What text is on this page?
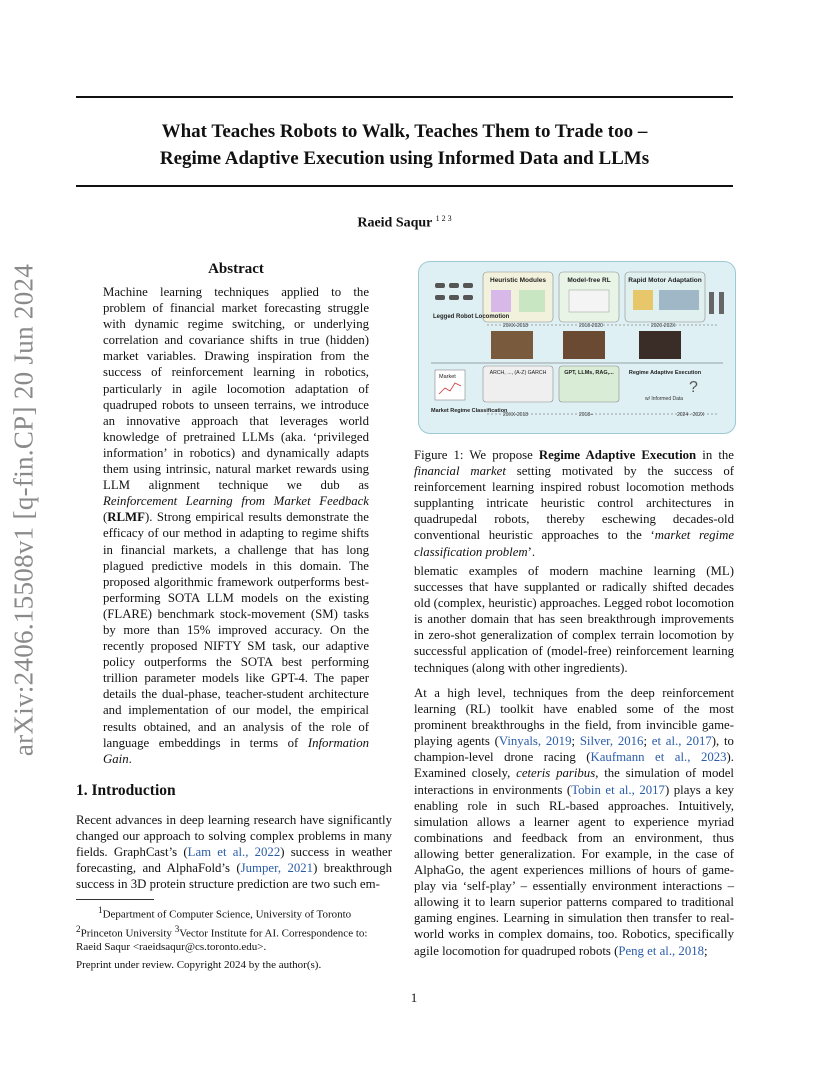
arXiv:2406.15508v1 [q-fin.CP] 20 Jun 2024
What Teaches Robots to Walk, Teaches Them to Trade too –
Regime Adaptive Execution using Informed Data and LLMs
Raeid Saqur $^{1 2 3}$
Abstract
Machine learning techniques applied to the problem of financial market forecasting struggle with dynamic regime switching, or underlying correlation and covariance shifts in true (hidden) market variables. Drawing inspiration from the success of reinforcement learning in robotics, particularly in agile locomotion adaptation of quadruped robots to unseen terrains, we introduce an innovative approach that leverages world knowledge of pretrained LLMs (aka. ‘privileged information’ in robotics) and dynamically adapts them using intrinsic, natural market rewards using LLM alignment technique we dub as Reinforcement Learning from Market Feedback (RLMF). Strong empirical results demonstrate the efficacy of our method in adapting to regime shifts in financial markets, a challenge that has long plagued predictive models in this domain. The proposed algorithmic framework outperforms best-performing SOTA LLM models on the existing (FLARE) benchmark stock-movement (SM) tasks by more than 15% improved accuracy. On the recently proposed NIFTY SM task, our adaptive policy outperforms the SOTA best performing trillion parameter models like GPT-4. The paper details the dual-phase, teacher-student architecture and implementation of our model, the empirical results obtained, and an analysis of the role of language embeddings in terms of Information Gain.
1. Introduction
Recent advances in deep learning research have significantly changed our approach to solving complex problems in many fields. GraphCast’s (Lam et al., 2022) success in weather forecasting, and AlphaFold’s (Jumper, 2021) breakthrough success in 3D protein structure prediction are two such em-
$^1$Department of Computer Science, University of Toronto
$^2$Princeton University $^3$Vector Institute for AI. Correspondence to: Raeid Saqur <raeidsaqur@cs.toronto.edu>.
Preprint under review. Copyright 2024 by the author(s).
1
Heuristic Modules	Model-free RL	Rapid Motor Adaptation
Legged Robot Locomotion
20XX-2018	2018-2020	2020-202X
Market
ARCH, ..., (A-Z) GARCH	GPT, LLMs, RAG,...	Regime Adaptive Execution
?
w/ Informed Data
Market Regime Classification
20XX-2018	2018–	2024 - 202X
Figure 1: We propose Regime Adaptive Execution in the financial market setting motivated by the success of reinforcement learning inspired robust locomotion methods supplanting intricate heuristic control architectures in quadrupedal robots, thereby eschewing decades-old conventional heuristic approaches to the ‘market regime classification problem’.
blematic examples of modern machine learning (ML) successes that have supplanted or radically shifted decades old (complex, heuristic) approaches. Legged robot locomotion is another domain that has seen breakthrough improvements in zero-shot generalization of complex terrain locomotion by successful application of (model-free) reinforcement learning techniques (along with other ingredients).
At a high level, techniques from the deep reinforcement learning (RL) toolkit have enabled some of the most prominent breakthroughs in the field, from invincible game-playing agents (Vinyals, 2019; Silver, 2016; et al., 2017), to champion-level drone racing (Kaufmann et al., 2023). Examined closely, ceteris paribus, the simulation of model interactions in environments (Tobin et al., 2017) plays a key enabling role in such RL-based approaches. Intuitively, simulation allows a learner agent to experience myriad combinations and feedback from an environment, thus allowing better generalization. For example, in the case of AlphaGo, the agent experiences millions of hours of game-play via ‘self-play’ – essentially environment interactions – allowing it to learn superior patterns compared to traditional gaming engines. Learning in simulation then transfer to real-world works in complex domains, too. Robotics, specifically agile locomotion for quadruped robots (Peng et al., 2018;
